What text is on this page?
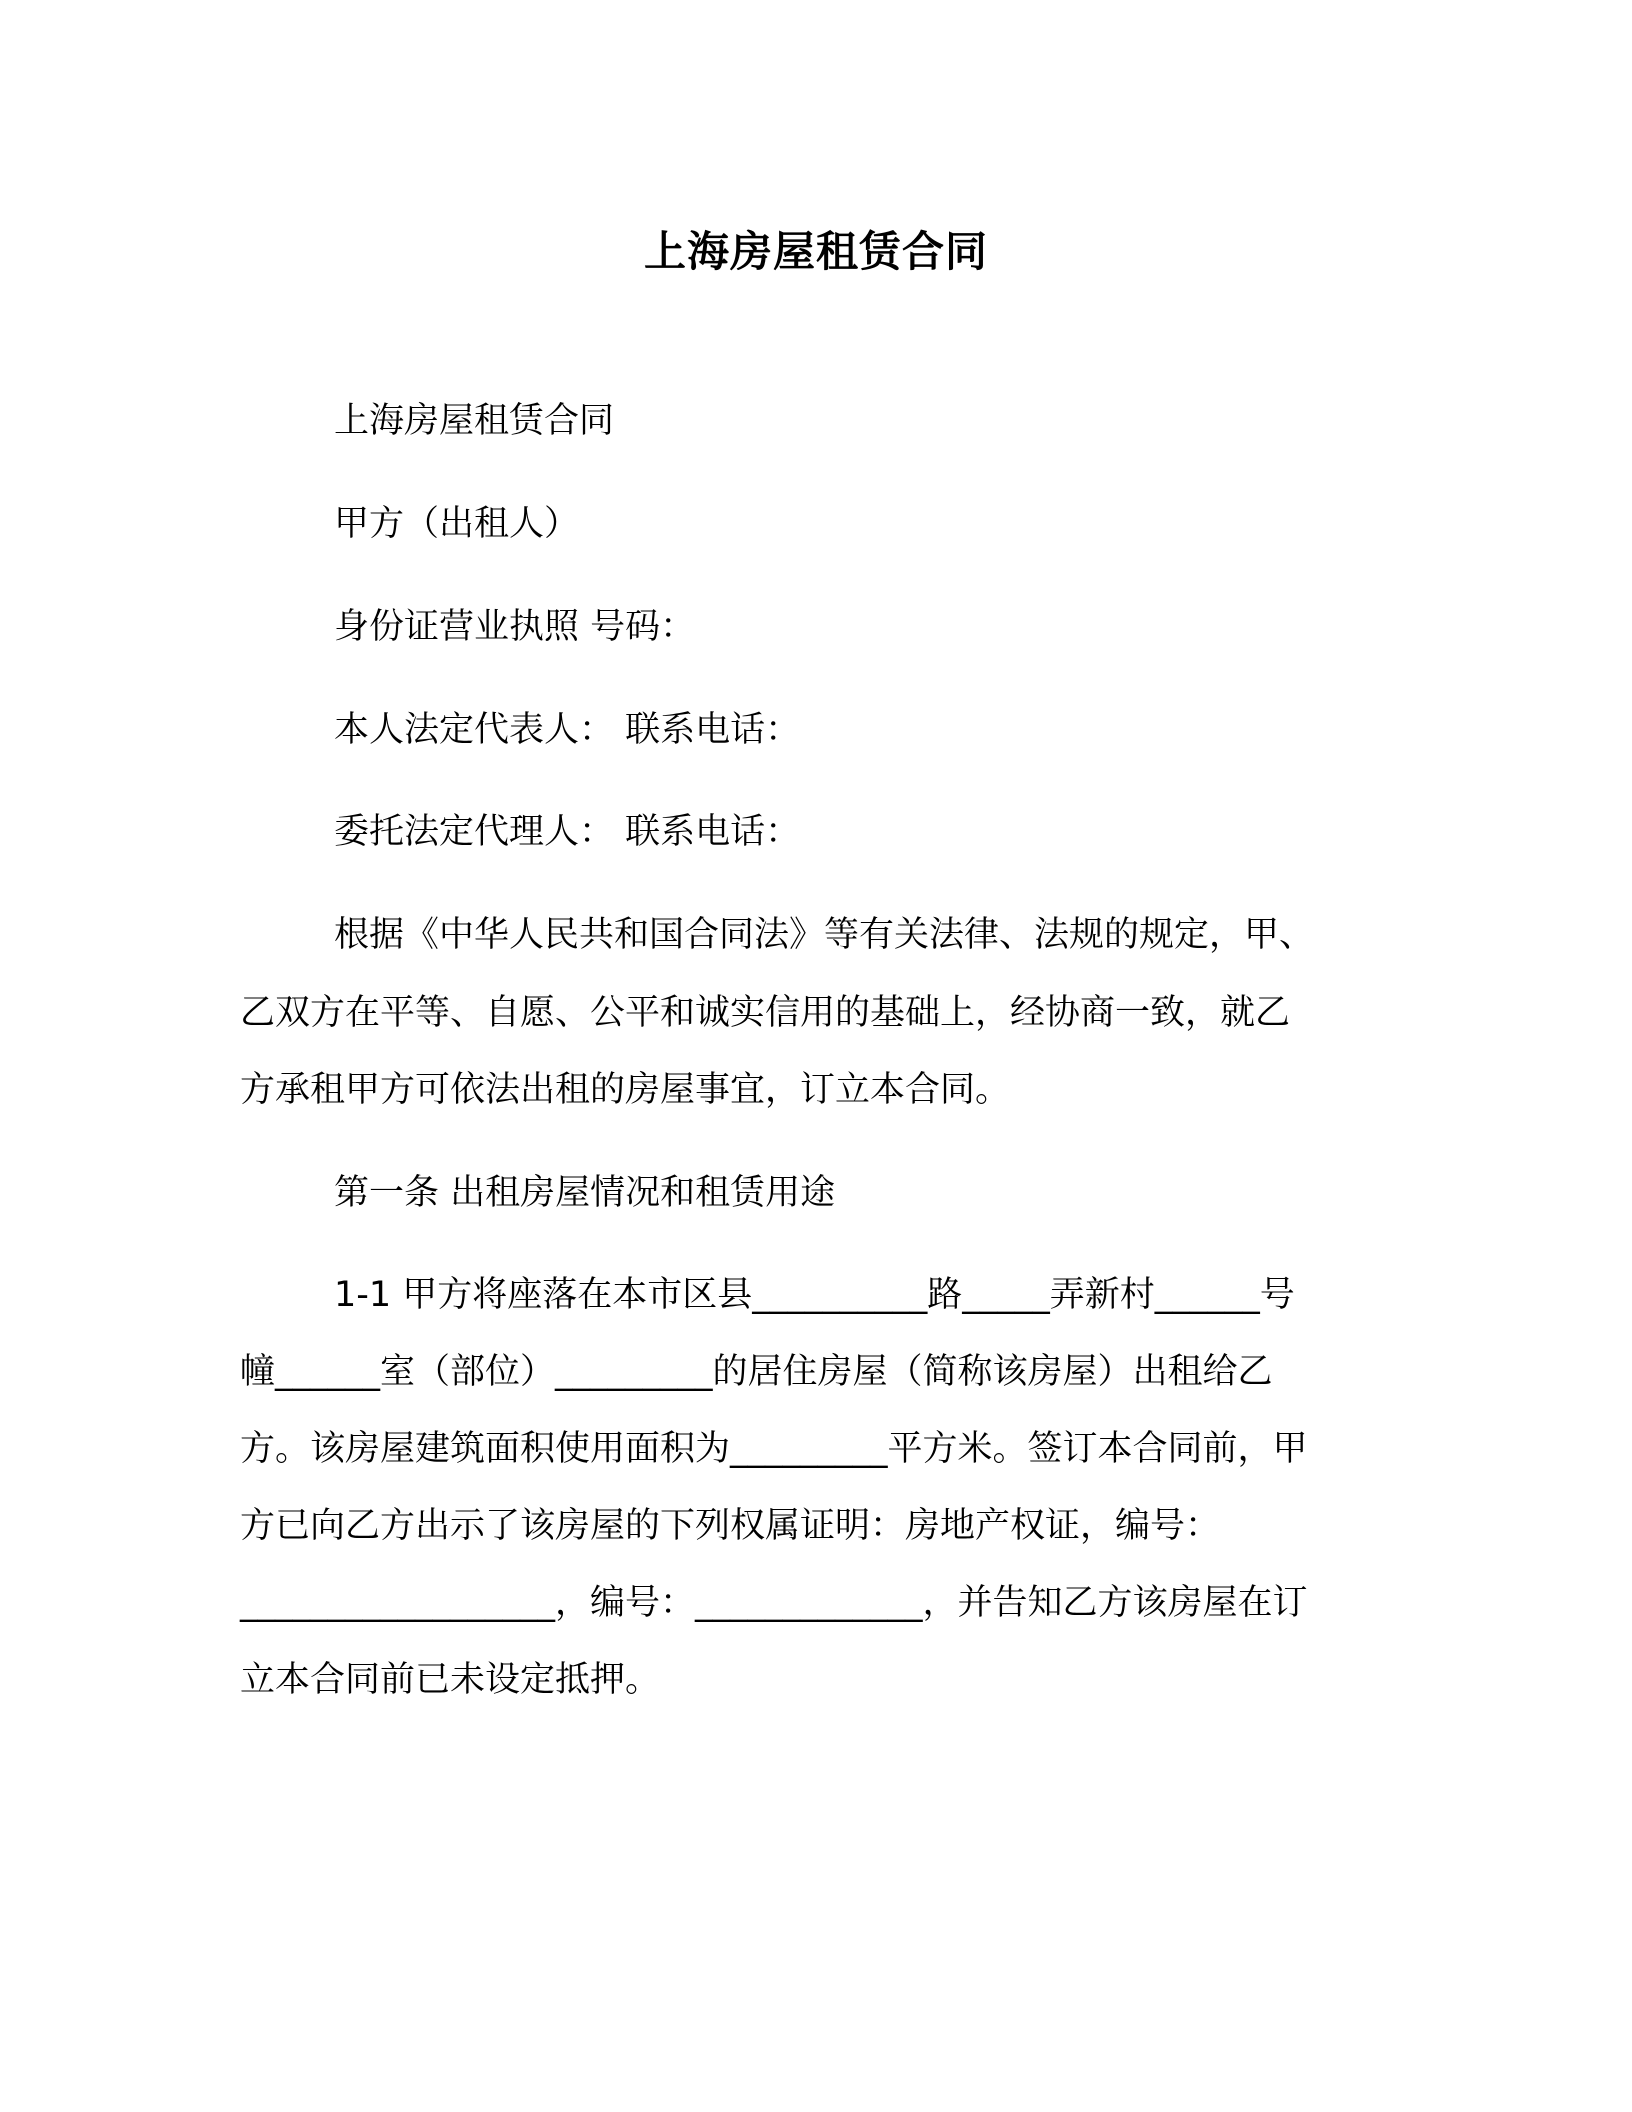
上海房屋租赁合同
上海房屋租赁合同
甲方（出租人）
身份证营业执照 号码：
本人法定代表人： 联系电话：
委托法定代理人： 联系电话：
根据《中华人民共和国合同法》等有关法律、法规的规定，甲、
乙双方在平等、自愿、公平和诚实信用的基础上，经协商一致，就乙
方承租甲方可依法出租的房屋事宜，订立本合同。
第一条 出租房屋情况和租赁用途
1-1 甲方将座落在本市区县__________路_____弄新村______号
幢______室（部位）_________的居住房屋（简称该房屋）出租给乙
方。该房屋建筑面积使用面积为_________平方米。签订本合同前，甲
方已向乙方出示了该房屋的下列权属证明：房地产权证，编号：
__________________，编号：_____________，并告知乙方该房屋在订
立本合同前已未设定抵押。
